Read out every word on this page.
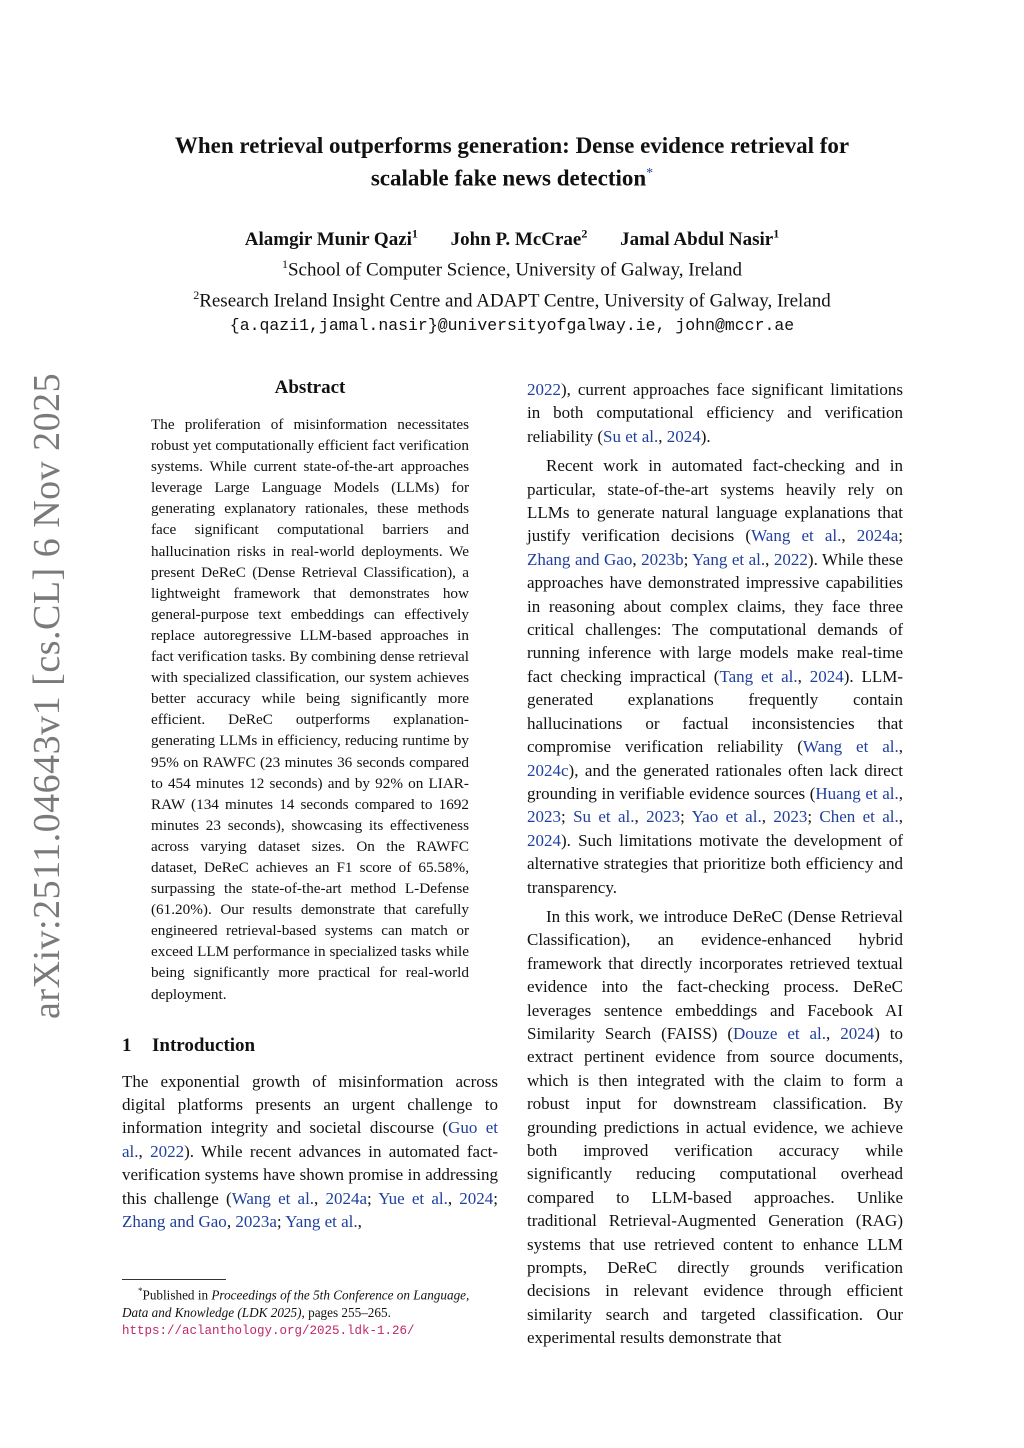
arXiv:2511.04643v1 [cs.CL] 6 Nov 2025
When retrieval outperforms generation: Dense evidence retrieval for
scalable fake news detection*
Alamgir Munir Qazi$^1$ John P. McCrae$^2$ Jamal Abdul Nasir$^1$
$^1$School of Computer Science, University of Galway, Ireland
$^2$Research Ireland Insight Centre and ADAPT Centre, University of Galway, Ireland
{a.qazi1,jamal.nasir}@universityofgalway.ie, john@mccr.ae
Abstract
The proliferation of misinformation necessitates robust yet computationally efficient fact verification systems. While current state-of-the-art approaches leverage Large Language Models (LLMs) for generating explanatory rationales, these methods face significant computational barriers and hallucination risks in real-world deployments. We present DeReC (Dense Retrieval Classification), a lightweight framework that demonstrates how general-purpose text embeddings can effectively replace autoregressive LLM-based approaches in fact verification tasks. By combining dense retrieval with specialized classification, our system achieves better accuracy while being significantly more efficient. DeReC outperforms explanation-generating LLMs in efficiency, reducing runtime by 95% on RAWFC (23 minutes 36 seconds compared to 454 minutes 12 seconds) and by 92% on LIAR-RAW (134 minutes 14 seconds compared to 1692 minutes 23 seconds), showcasing its effectiveness across varying dataset sizes. On the RAWFC dataset, DeReC achieves an F1 score of 65.58%, surpassing the state-of-the-art method L-Defense (61.20%). Our results demonstrate that carefully engineered retrieval-based systems can match or exceed LLM performance in specialized tasks while being significantly more practical for real-world deployment.
1 Introduction

The exponential growth of misinformation across digital platforms presents an urgent challenge to information integrity and societal discourse (Guo et al., 2022). While recent advances in automated fact-verification systems have shown promise in addressing this challenge (Wang et al., 2024a; Yue et al., 2024; Zhang and Gao, 2023a; Yang et al.,

*Published in Proceedings of the 5th Conference on Language, Data and Knowledge (LDK 2025), pages 255–265.
https://aclanthology.org/2025.ldk-1.26/

2022), current approaches face significant limitations in both computational efficiency and verification reliability (Su et al., 2024).

Recent work in automated fact-checking and in particular, state-of-the-art systems heavily rely on LLMs to generate natural language explanations that justify verification decisions (Wang et al., 2024a; Zhang and Gao, 2023b; Yang et al., 2022). While these approaches have demonstrated impressive capabilities in reasoning about complex claims, they face three critical challenges: The computational demands of running inference with large models make real-time fact checking impractical (Tang et al., 2024). LLM-generated explanations frequently contain hallucinations or factual inconsistencies that compromise verification reliability (Wang et al., 2024c), and the generated rationales often lack direct grounding in verifiable evidence sources (Huang et al., 2023; Su et al., 2023; Yao et al., 2023; Chen et al., 2024). Such limitations motivate the development of alternative strategies that prioritize both efficiency and transparency.

In this work, we introduce DeReC (Dense Retrieval Classification), an evidence-enhanced hybrid framework that directly incorporates retrieved textual evidence into the fact-checking process. DeReC leverages sentence embeddings and Facebook AI Similarity Search (FAISS) (Douze et al., 2024) to extract pertinent evidence from source documents, which is then integrated with the claim to form a robust input for downstream classification. By grounding predictions in actual evidence, we achieve both improved verification accuracy while significantly reducing computational overhead compared to LLM-based approaches. Unlike traditional Retrieval-Augmented Generation (RAG) systems that use retrieved content to enhance LLM prompts, DeReC directly grounds verification decisions in relevant evidence through efficient similarity search and targeted classification. Our experimental results demonstrate that
